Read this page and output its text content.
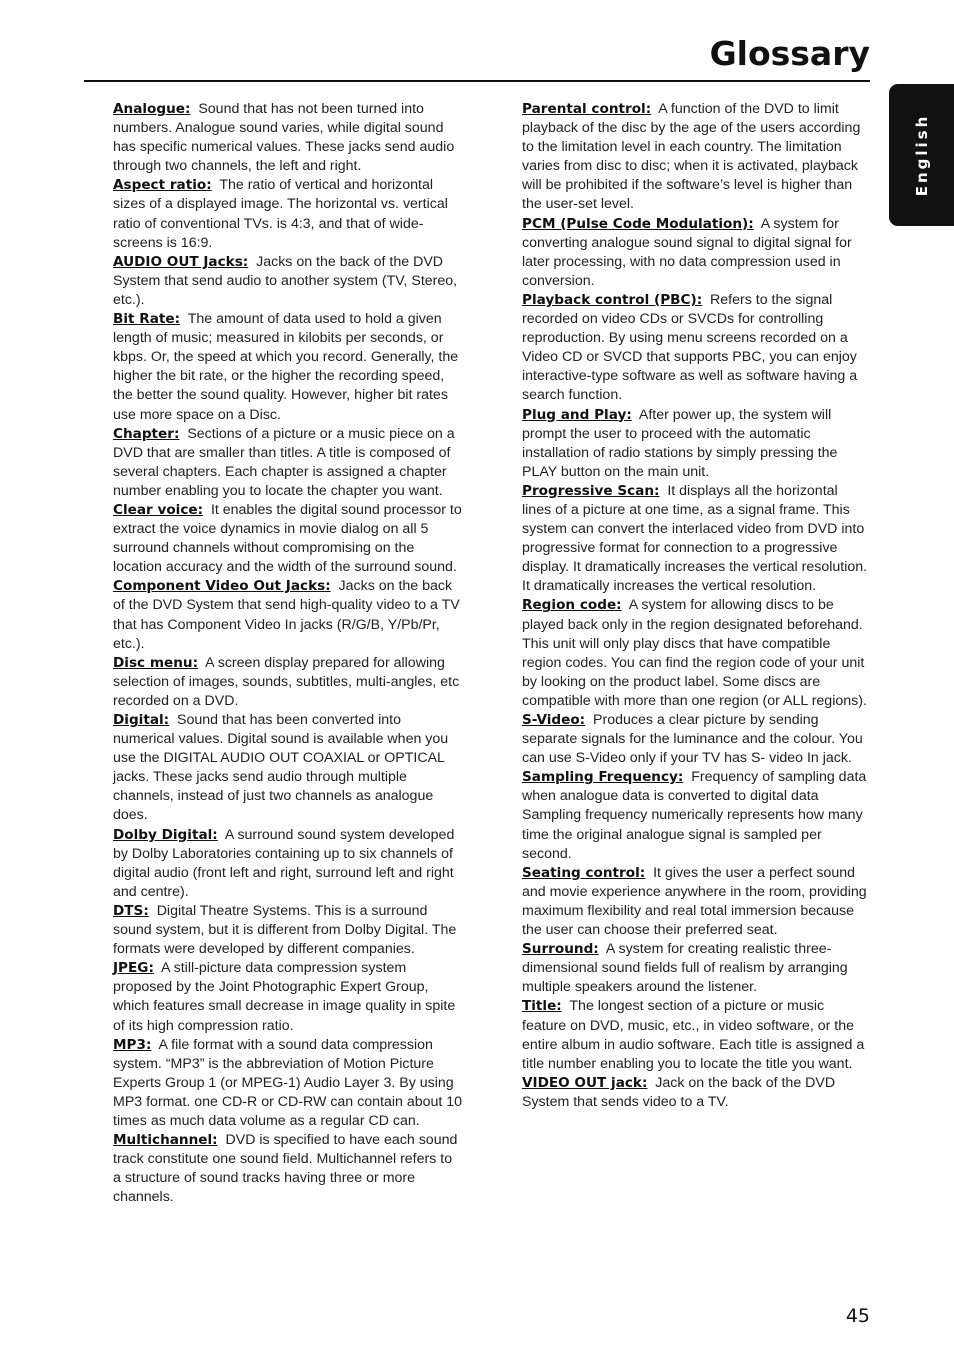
Glossary
English

Analogue: Sound that has not been turned into numbers. Analogue sound varies, while digital sound has specific numerical values. These jacks send audio through two channels, the left and right.

Aspect ratio: The ratio of vertical and horizontal sizes of a displayed image. The horizontal vs. vertical ratio of conventional TVs. is 4:3, and that of wide-screens is 16:9.

AUDIO OUT Jacks: Jacks on the back of the DVD System that send audio to another system (TV, Stereo, etc.).

Bit Rate: The amount of data used to hold a given length of music; measured in kilobits per seconds, or kbps. Or, the speed at which you record. Generally, the higher the bit rate, or the higher the recording speed, the better the sound quality. However, higher bit rates use more space on a Disc.

Chapter: Sections of a picture or a music piece on a DVD that are smaller than titles. A title is composed of several chapters. Each chapter is assigned a chapter number enabling you to locate the chapter you want.

Clear voice: It enables the digital sound processor to extract the voice dynamics in movie dialog on all 5 surround channels without compromising on the location accuracy and the width of the surround sound.

Component Video Out Jacks: Jacks on the back of the DVD System that send high-quality video to a TV that has Component Video In jacks (R/G/B, Y/Pb/Pr, etc.).

Disc menu: A screen display prepared for allowing selection of images, sounds, subtitles, multi-angles, etc recorded on a DVD.

Digital: Sound that has been converted into numerical values. Digital sound is available when you use the DIGITAL AUDIO OUT COAXIAL or OPTICAL jacks. These jacks send audio through multiple channels, instead of just two channels as analogue does.

Dolby Digital: A surround sound system developed by Dolby Laboratories containing up to six channels of digital audio (front left and right, surround left and right and centre).

DTS: Digital Theatre Systems. This is a surround sound system, but it is different from Dolby Digital. The formats were developed by different companies.

JPEG: A still-picture data compression system proposed by the Joint Photographic Expert Group, which features small decrease in image quality in spite of its high compression ratio.

MP3: A file format with a sound data compression system. “MP3” is the abbreviation of Motion Picture Experts Group 1 (or MPEG-1) Audio Layer 3. By using MP3 format. one CD-R or CD-RW can contain about 10 times as much data volume as a regular CD can.

Multichannel: DVD is specified to have each sound track constitute one sound field. Multichannel refers to a structure of sound tracks having three or more channels.

Parental control: A function of the DVD to limit playback of the disc by the age of the users according to the limitation level in each country. The limitation varies from disc to disc; when it is activated, playback will be prohibited if the software’s level is higher than the user-set level.

PCM (Pulse Code Modulation): A system for converting analogue sound signal to digital signal for later processing, with no data compression used in conversion.

Playback control (PBC): Refers to the signal recorded on video CDs or SVCDs for controlling reproduction. By using menu screens recorded on a Video CD or SVCD that supports PBC, you can enjoy interactive-type software as well as software having a search function.

Plug and Play: After power up, the system will prompt the user to proceed with the automatic installation of radio stations by simply pressing the PLAY button on the main unit.

Progressive Scan: It displays all the horizontal lines of a picture at one time, as a signal frame. This system can convert the interlaced video from DVD into progressive format for connection to a progressive display. It dramatically increases the vertical resolution. It dramatically increases the vertical resolution.

Region code: A system for allowing discs to be played back only in the region designated beforehand. This unit will only play discs that have compatible region codes. You can find the region code of your unit by looking on the product label. Some discs are compatible with more than one region (or ALL regions).

S-Video: Produces a clear picture by sending separate signals for the luminance and the colour. You can use S-Video only if your TV has S- video In jack.

Sampling Frequency: Frequency of sampling data when analogue data is converted to digital data Sampling frequency numerically represents how many time the original analogue signal is sampled per second.

Seating control: It gives the user a perfect sound and movie experience anywhere in the room, providing maximum flexibility and real total immersion because the user can choose their preferred seat.

Surround: A system for creating realistic three-dimensional sound fields full of realism by arranging multiple speakers around the listener.

Title: The longest section of a picture or music feature on DVD, music, etc., in video software, or the entire album in audio software. Each title is assigned a title number enabling you to locate the title you want.

VIDEO OUT jack: Jack on the back of the DVD System that sends video to a TV.

45
